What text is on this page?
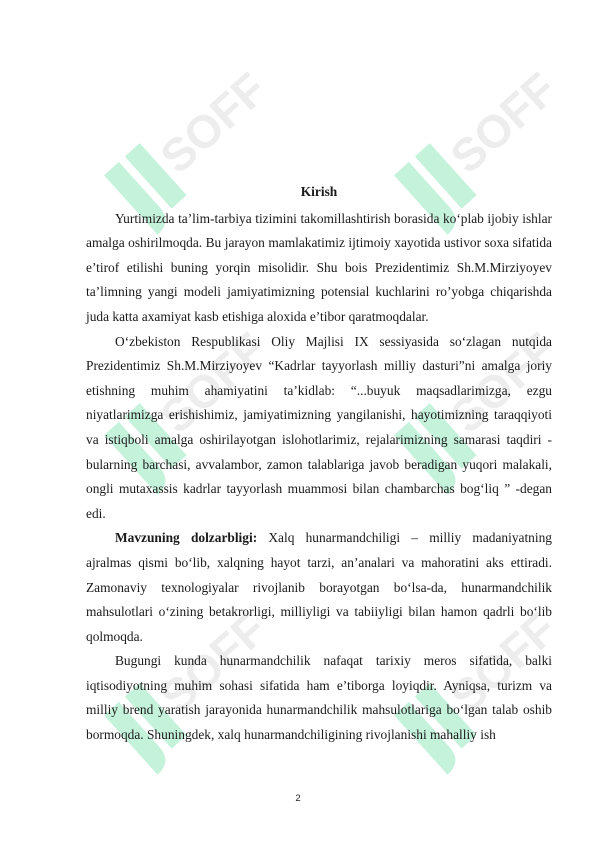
SOFF	SOFF
SOFF	SOFF
SOFF	SOFF
Kirish

Yurtimizda ta’lim-tarbiya tizimini takomillashtirish borasida ko‘plab ijobiy ishlar amalga oshirilmoqda. Bu jarayon mamlakatimiz ijtimoiy xayotida ustivor soxa sifatida e’tirof etilishi buning yorqin misolidir. Shu bois Prezidentimiz Sh.M.Mirziyoyev ta’limning yangi modeli jamiyatimizning potensial kuchlarini ro’yobga chiqarishda juda katta axamiyat kasb etishiga aloxida e’tibor qaratmoqdalar.

O‘zbekiston Respublikasi Oliy Majlisi IX sessiyasida so‘zlagan nutqida Prezidentimiz Sh.M.Mirziyoyev “Kadrlar tayyorlash milliy dasturi”ni amalga joriy etishning muhim ahamiyatini ta’kidlab: “...buyuk maqsadlarimizga, ezgu niyatlarimizga erishishimiz, jamiyatimizning yangilanishi, hayotimizning taraqqiyoti va istiqboli amalga oshirilayotgan islohotlarimiz, rejalarimizning samarasi taqdiri - bularning barchasi, avvalambor, zamon talablariga javob beradigan yuqori malakali, ongli mutaxassis kadrlar tayyorlash muammosi bilan chambarchas bog‘liq ” -degan edi.

Mavzuning dolzarbligi: Xalq hunarmandchiligi – milliy madaniyatning ajralmas qismi bo‘lib, xalqning hayot tarzi, an’analari va mahoratini aks ettiradi. Zamonaviy texnologiyalar rivojlanib borayotgan bo‘lsa-da, hunarmandchilik mahsulotlari o‘zining betakrorligi, milliyligi va tabiiyligi bilan hamon qadrli bo‘lib qolmoqda.

Bugungi kunda hunarmandchilik nafaqat tarixiy meros sifatida, balki iqtisodiyotning muhim sohasi sifatida ham e’tiborga loyiqdir. Ayniqsa, turizm va milliy brend yaratish jarayonida hunarmandchilik mahsulotlariga bo‘lgan talab oshib bormoqda. Shuningdek, xalq hunarmandchiligining rivojlanishi mahalliy ish

2
